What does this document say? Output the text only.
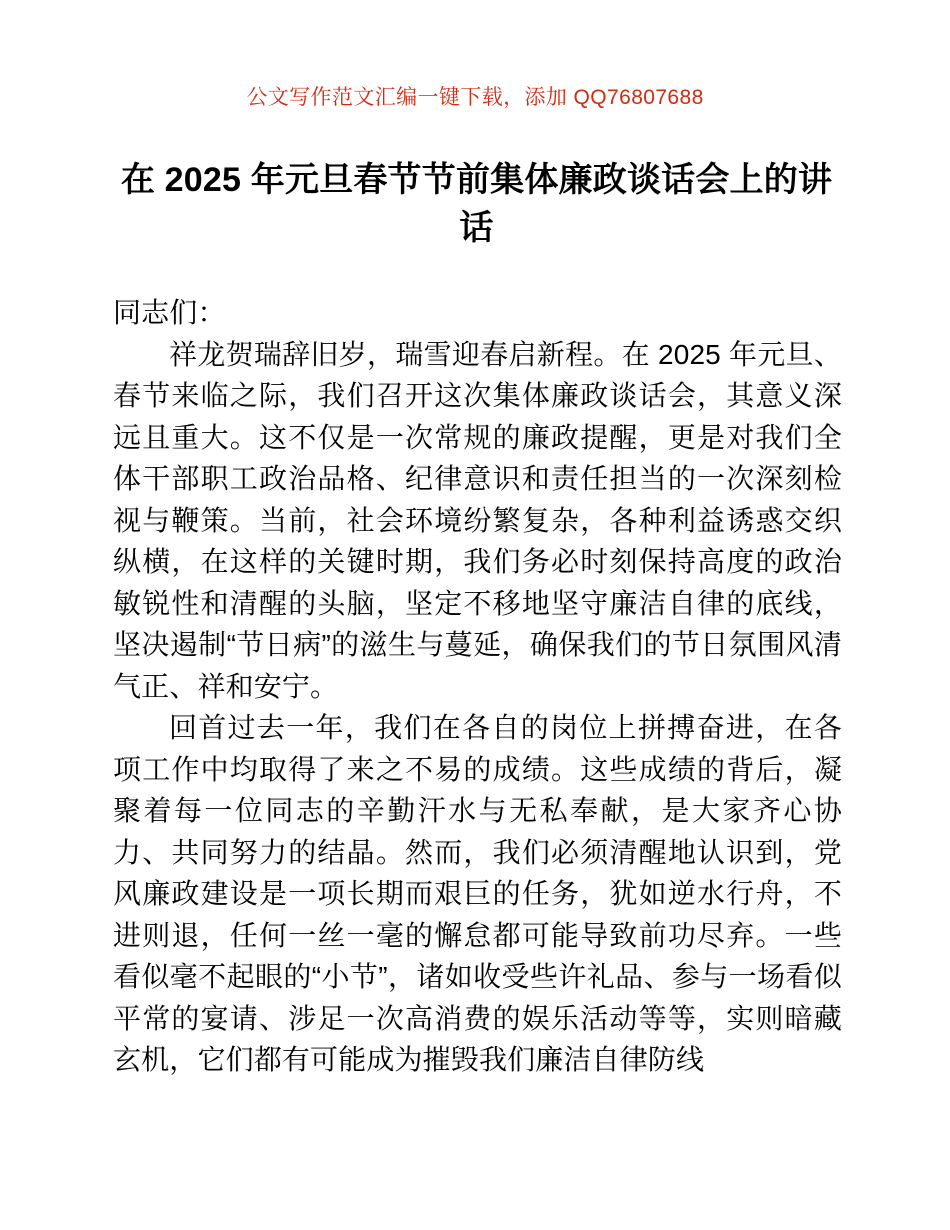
公文写作范文汇编一键下载，添加 QQ76807688
在 2025 年元旦春节节前集体廉政谈话会上的讲话

同志们：

祥龙贺瑞辞旧岁，瑞雪迎春启新程。在 2025 年元旦、春节来临之际，我们召开这次集体廉政谈话会，其意义深远且重大。这不仅是一次常规的廉政提醒，更是对我们全体干部职工政治品格、纪律意识和责任担当的一次深刻检视与鞭策。当前，社会环境纷繁复杂，各种利益诱惑交织纵横，在这样的关键时期，我们务必时刻保持高度的政治敏锐性和清醒的头脑，坚定不移地坚守廉洁自律的底线，坚决遏制“节日病”的滋生与蔓延，确保我们的节日氛围风清气正、祥和安宁。

回首过去一年，我们在各自的岗位上拼搏奋进，在各项工作中均取得了来之不易的成绩。这些成绩的背后，凝聚着每一位同志的辛勤汗水与无私奉献，是大家齐心协力、共同努力的结晶。然而，我们必须清醒地认识到，党风廉政建设是一项长期而艰巨的任务，犹如逆水行舟，不进则退，任何一丝一毫的懈怠都可能导致前功尽弃。一些看似毫不起眼的“小节”，诸如收受些许礼品、参与一场看似平常的宴请、涉足一次高消费的娱乐活动等等，实则暗藏玄机，它们都有可能成为摧毁我们廉洁自律防线
